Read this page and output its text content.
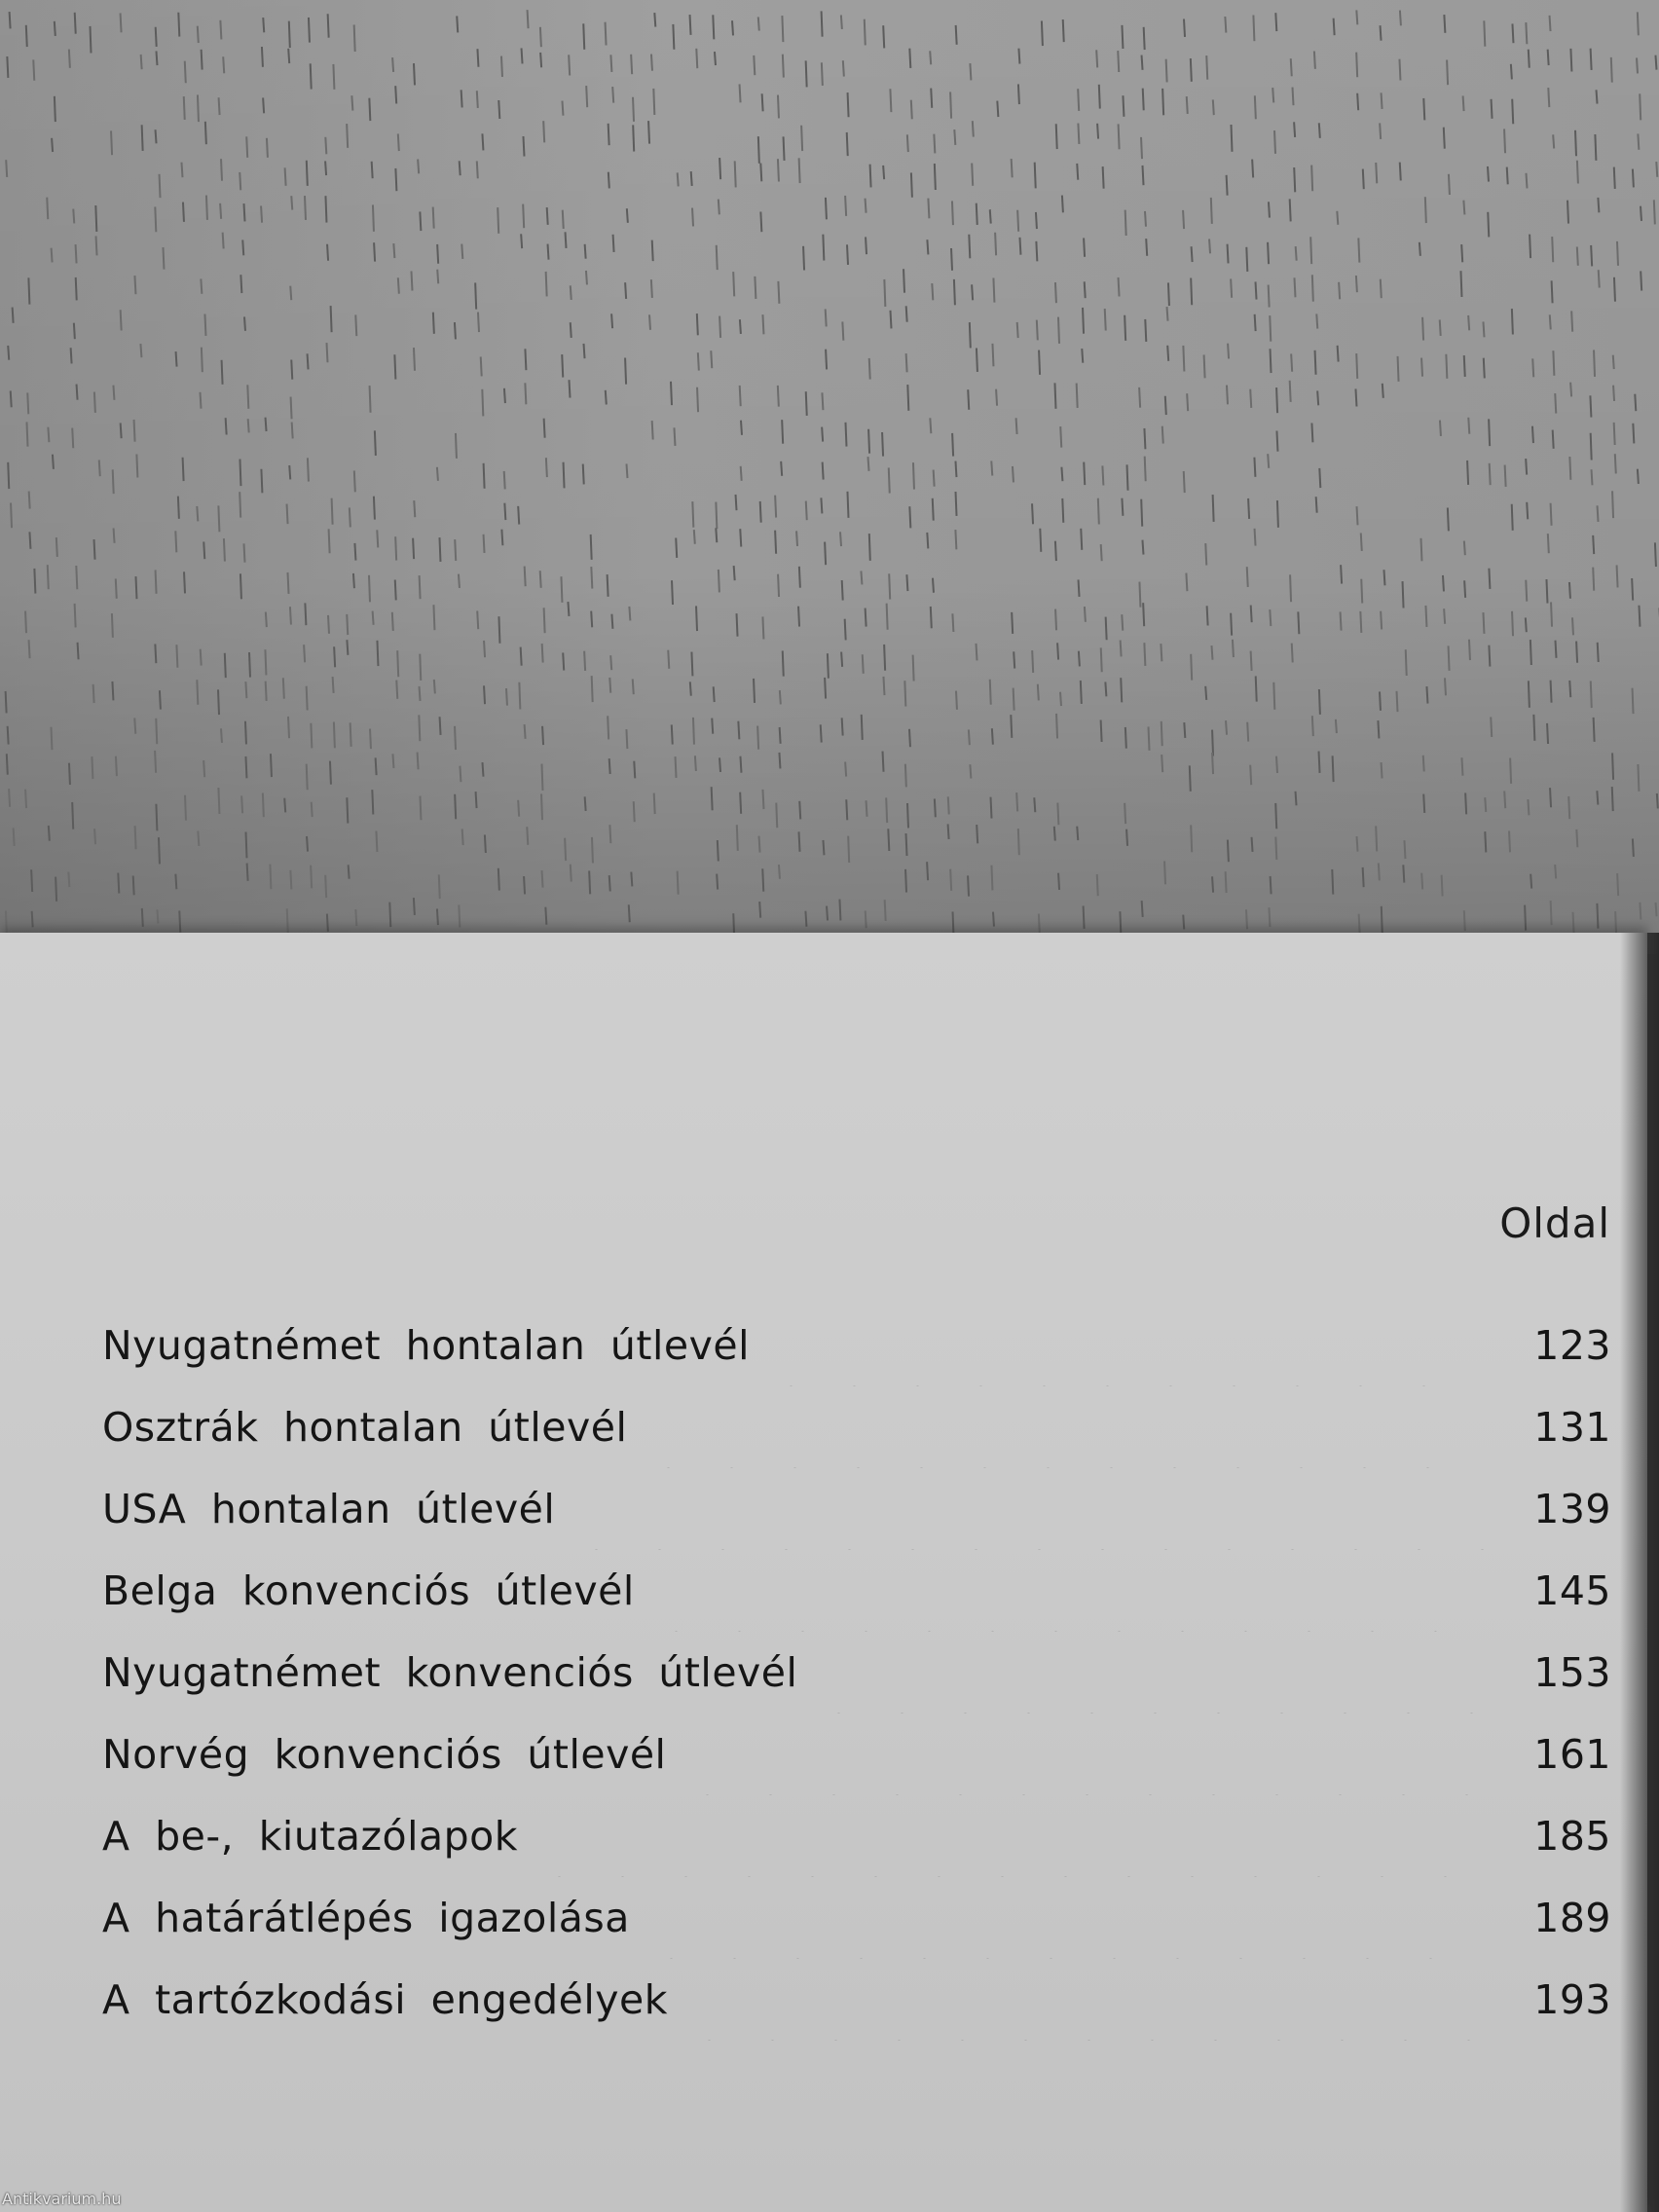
Oldal
Nyugatnémet hontalan útlevél	123
Osztrák hontalan útlevél	131
USA hontalan útlevél	139
Belga konvenciós útlevél	145
Nyugatnémet konvenciós útlevél	153
Norvég konvenciós útlevél	161
A be-, kiutazólapok	185
A határátlépés igazolása	189
A tartózkodási engedélyek	193
Antikvarium.hu
